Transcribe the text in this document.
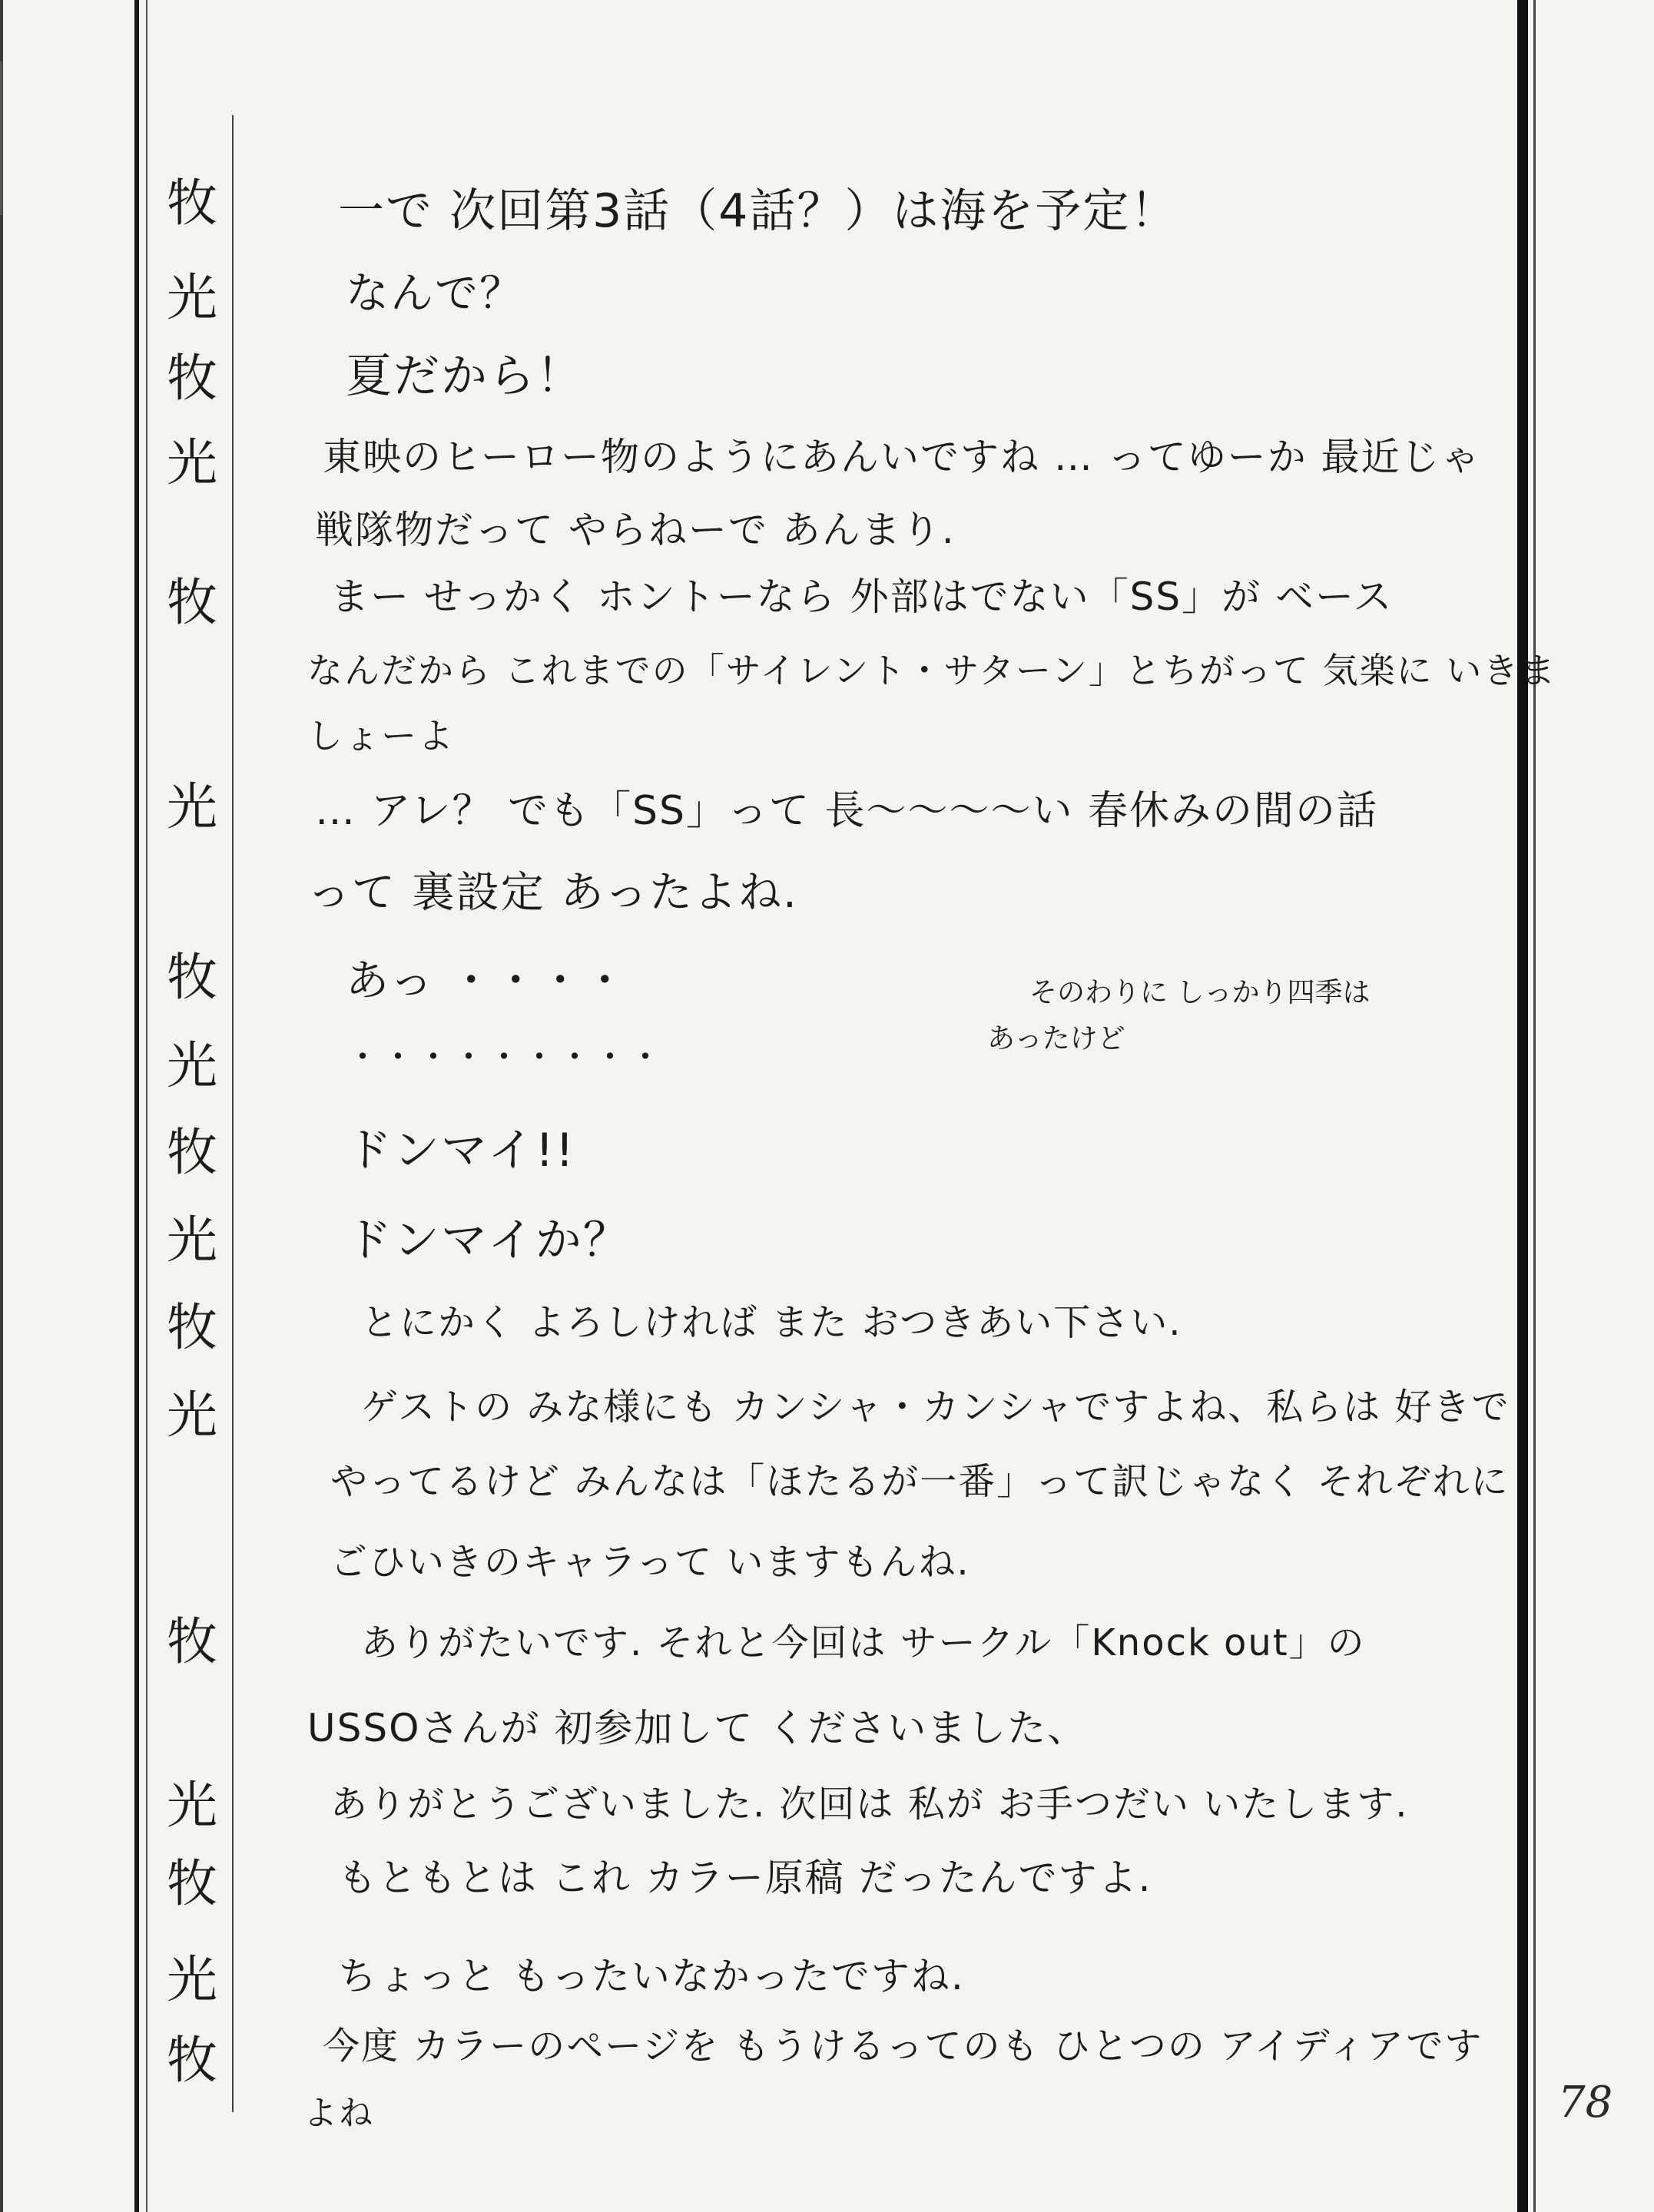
牧
光
牧
光
牧
光
牧
光
牧
光
牧
光
牧
光
牧
光
牧
一で 次回第3話（4話？）は海を予定！
なんで？
夏だから！
東映のヒーロー物のようにあんいですね … ってゆーか 最近じゃ
戦隊物だって やらねーで あんまり.
まー せっかく ホントーなら 外部はでない「SS」が ベース
なんだから これまでの「サイレント・サターン」とちがって 気楽に いきま
しょーよ
… アレ？ でも「SS」って 長〜〜〜〜い 春休みの間の話
って 裏設定 あったよね.
あっ ・・・・
・・・・・・・・・
ドンマイ!!
ドンマイか？
とにかく よろしければ また おつきあい下さい.
ゲストの みな様にも カンシャ・カンシャですよね、私らは 好きで
やってるけど みんなは「ほたるが一番」って訳じゃなく それぞれに
ごひいきのキャラって いますもんね.
ありがたいです. それと今回は サークル「Knock out」の
USSOさんが 初参加して くださいました、
ありがとうございました. 次回は 私が お手つだい いたします.
もともとは これ カラー原稿 だったんですよ.
ちょっと もったいなかったですね.
今度 カラーのページを もうけるってのも ひとつの アイディアです
よね
そのわりに しっかり四季は
あったけど
78
